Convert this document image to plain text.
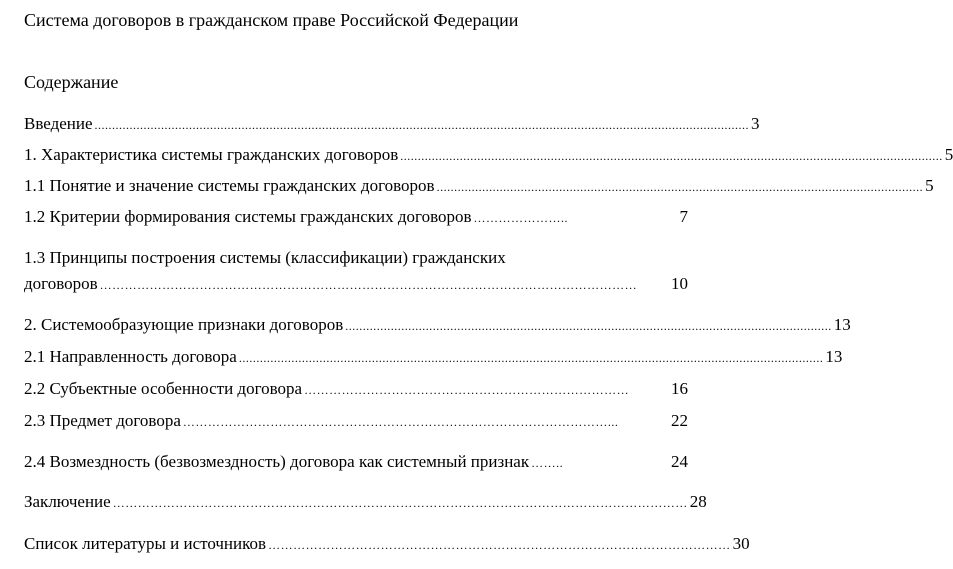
Система договоров в гражданском праве Российской Федерации
Содержание
Введение ........................................................................................................................................................................................... 3
1. Характеристика системы гражданских договоров ........................................................................................................................................................... 5
1.1 Понятие и значение системы гражданских договоров ........................................................................................................................................... 5
1.2 Критерии формирования системы гражданских договоров …………………..	7
1.3 Принципы построения системы (классификации) гражданских
договоров …………………………………………………………………………………………………………………	10
2. Системообразующие признаки договоров ........................................................................................................................................... 13
2.1 Направленность договора ....................................................................................................................................................................... 13
2.2 Субъектные особенности договора ……………………………………………………………………	16
2.3 Предмет договора …………………………………………………………………………………………...	22
2.4 Возмездность (безвозмездность) договора как системный признак ……..	24
Заключение ………………………………………………………………………………………………………………………… 28
Список литературы и источников ………………………………………………………………………………………………… 30
